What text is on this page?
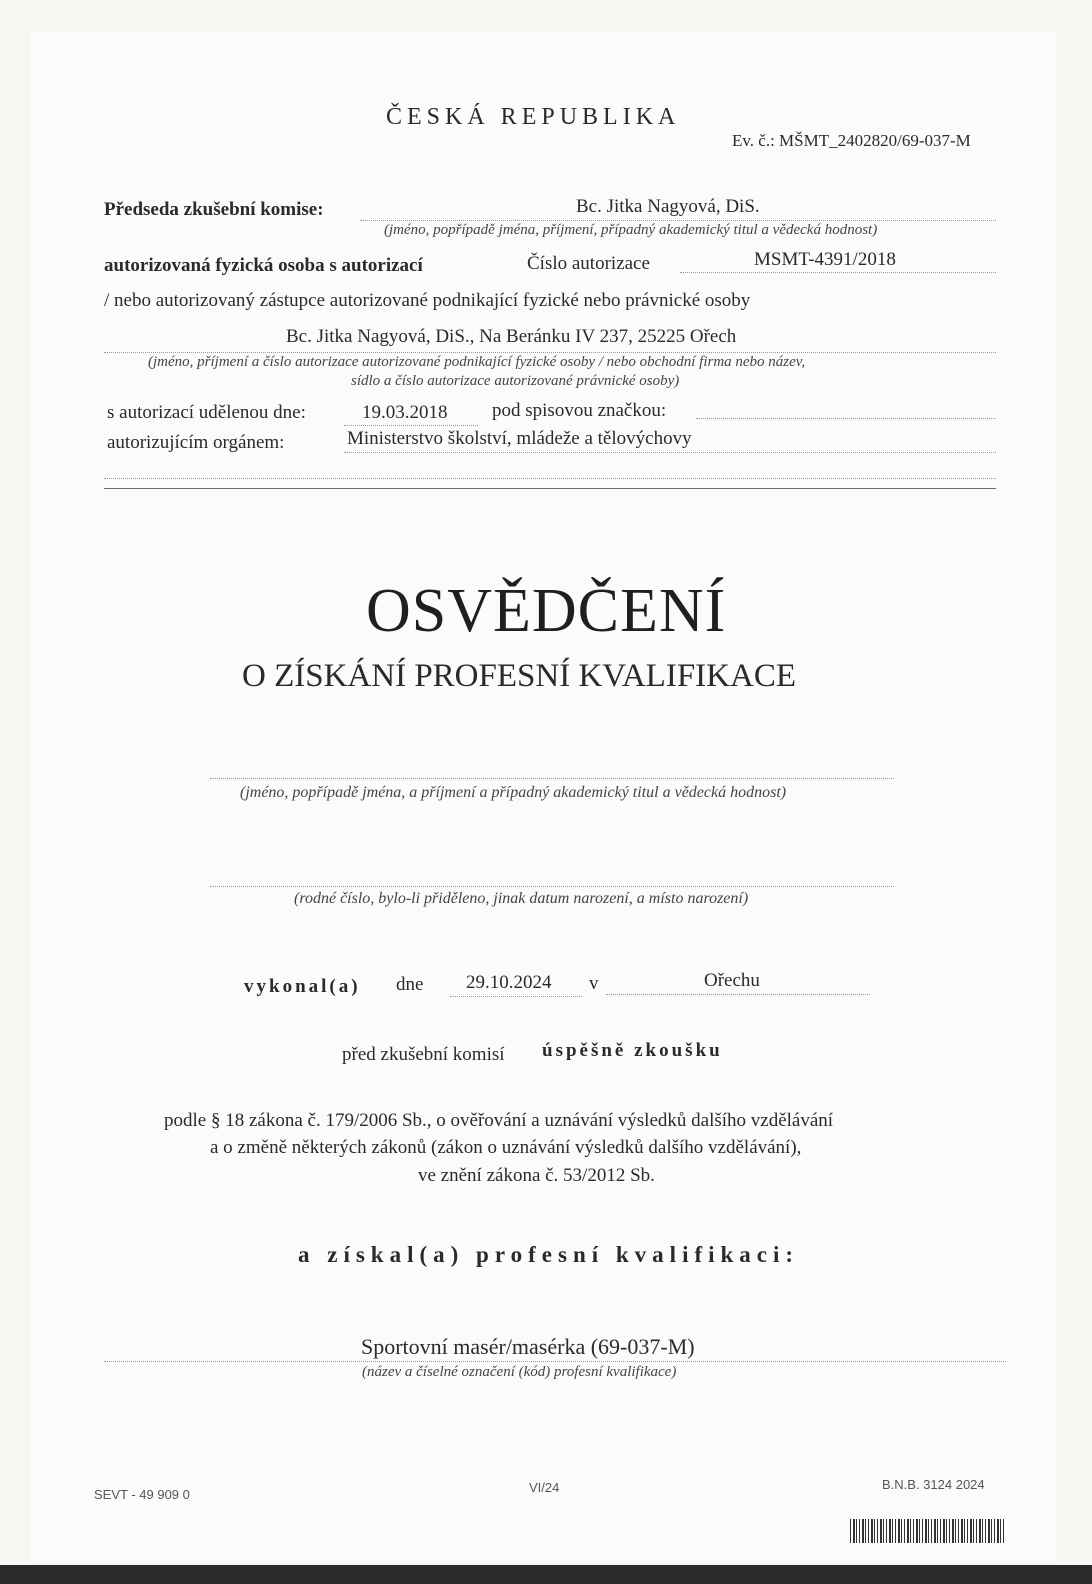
ČESKÁ REPUBLIKA
Ev. č.: MŠMT_2402820/69-037-M
Předseda zkušební komise:	Bc. Jitka Nagyová, DiS.
(jméno, popřípadě jména, příjmení, případný akademický titul a vědecká hodnost)
autorizovaná fyzická osoba s autorizací	Číslo autorizace	MSMT-4391/2018
/ nebo autorizovaný zástupce autorizované podnikající fyzické nebo právnické osoby
Bc. Jitka Nagyová, DiS., Na Beránku IV 237, 25225 Ořech
(jméno, příjmení a číslo autorizace autorizované podnikající fyzické osoby / nebo obchodní firma nebo název,
sídlo a číslo autorizace autorizované právnické osoby)
s autorizací udělenou dne:	19.03.2018 pod spisovou značkou:
autorizujícím orgánem:	Ministerstvo školství, mládeže a tělovýchovy
OSVĚDČENÍ
O ZÍSKÁNÍ PROFESNÍ KVALIFIKACE
(jméno, popřípadě jména, a příjmení a případný akademický titul a vědecká hodnost)
(rodné číslo, bylo-li přiděleno, jinak datum narození, a místo narození)
vykonal(a) dne 29.10.2024 v	Ořechu
před zkušební komisí úspěšně zkoušku
podle § 18 zákona č. 179/2006 Sb., o ověřování a uznávání výsledků dalšího vzdělávání
a o změně některých zákonů (zákon o uznávání výsledků dalšího vzdělávání),
ve znění zákona č. 53/2012 Sb.
a získal(a) profesní kvalifikaci:
Sportovní masér/masérka (69-037-M)
(název a číselné označení (kód) profesní kvalifikace)
SEVT - 49 909 0	VI/24	B.N.B. 3124 2024
